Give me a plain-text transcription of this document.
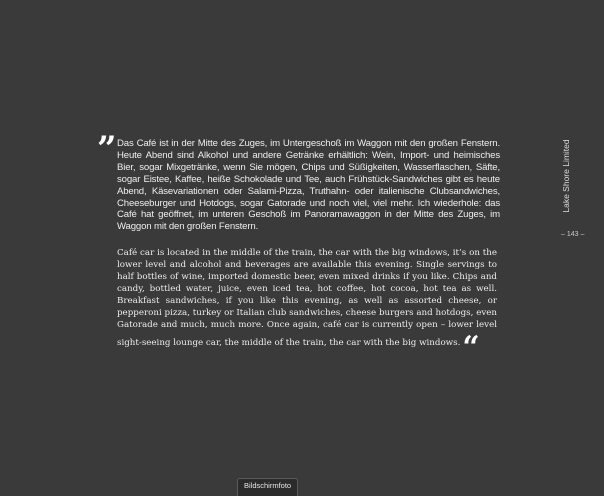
” Das Café ist in der Mitte des Zuges, im Untergeschoß im Waggon mit den großen Fenstern. Heute Abend sind Alkohol und andere Getränke erhältlich: Wein, Import- und heimisches Bier, sogar Mixgetränke, wenn Sie mögen, Chips und Süßigkeiten, Wasserflaschen, Säfte, sogar Eistee, Kaffee, heiße Schokolade und Tee, auch Frühstück-Sandwiches gibt es heute Abend, Käsevariationen oder Salami-Pizza, Truthahn- oder italienische Clubsandwiches, Cheeseburger und Hotdogs, sogar Gatorade und noch viel, viel mehr. Ich wiederhole: das Café hat geöffnet, im unteren Geschoß im Panoramawaggon in der Mitte des Zuges, im Waggon mit den großen Fenstern.
Café car is located in the middle of the train, the car with the big windows, it’s on the lower level and alcohol and beverages are available this evening. Single servings to half bottles of wine, imported domestic beer, even mixed drinks if you like. Chips and candy, bottled water, juice, even iced tea, hot coffee, hot cocoa, hot tea as well. Breakfast sandwiches, if you like this evening, as well as assorted cheese, or pepperoni pizza, turkey or Italian club sandwiches, cheese burgers and hotdogs, even Gatorade and much, much more. Once again, café car is currently open – lower level sight-seeing lounge car, the middle of the train, the car with the big windows.“
Lake Shore Limited
– 143 –
Bildschirmfoto
